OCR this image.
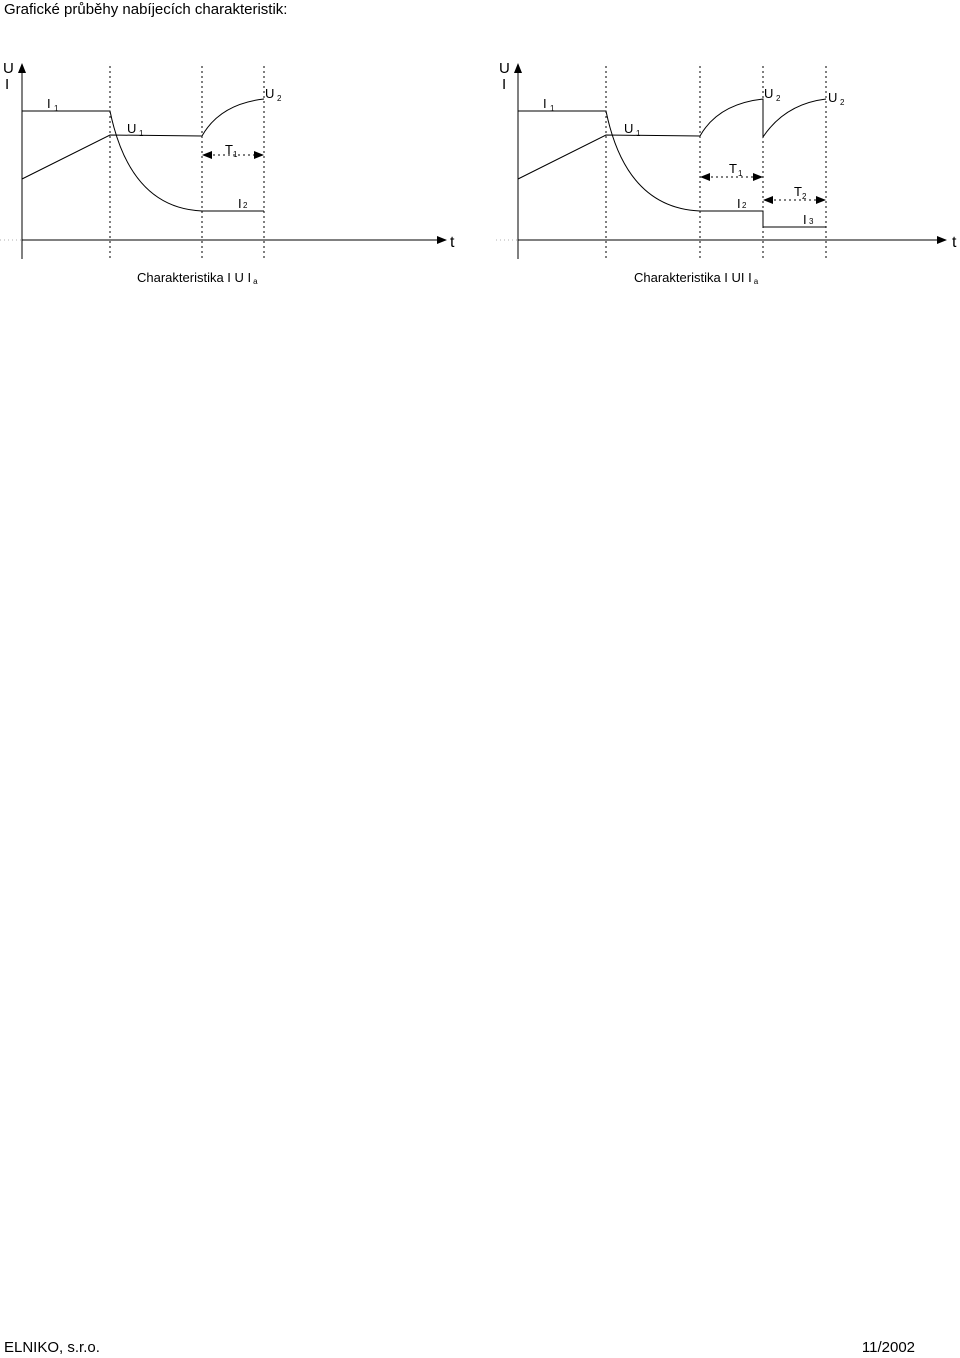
Grafické průběhy nabíjecích charakteristik:
U
I
t
I 1
U 1
U 2
T 1
I 2
Charakteristika I U I a
U
I
t
I 1
U 1
U 2	U 2
T 1
T 2
I 2
I 3
Charakteristika I UI I a
ELNIKO, s.r.o.	11/2002
